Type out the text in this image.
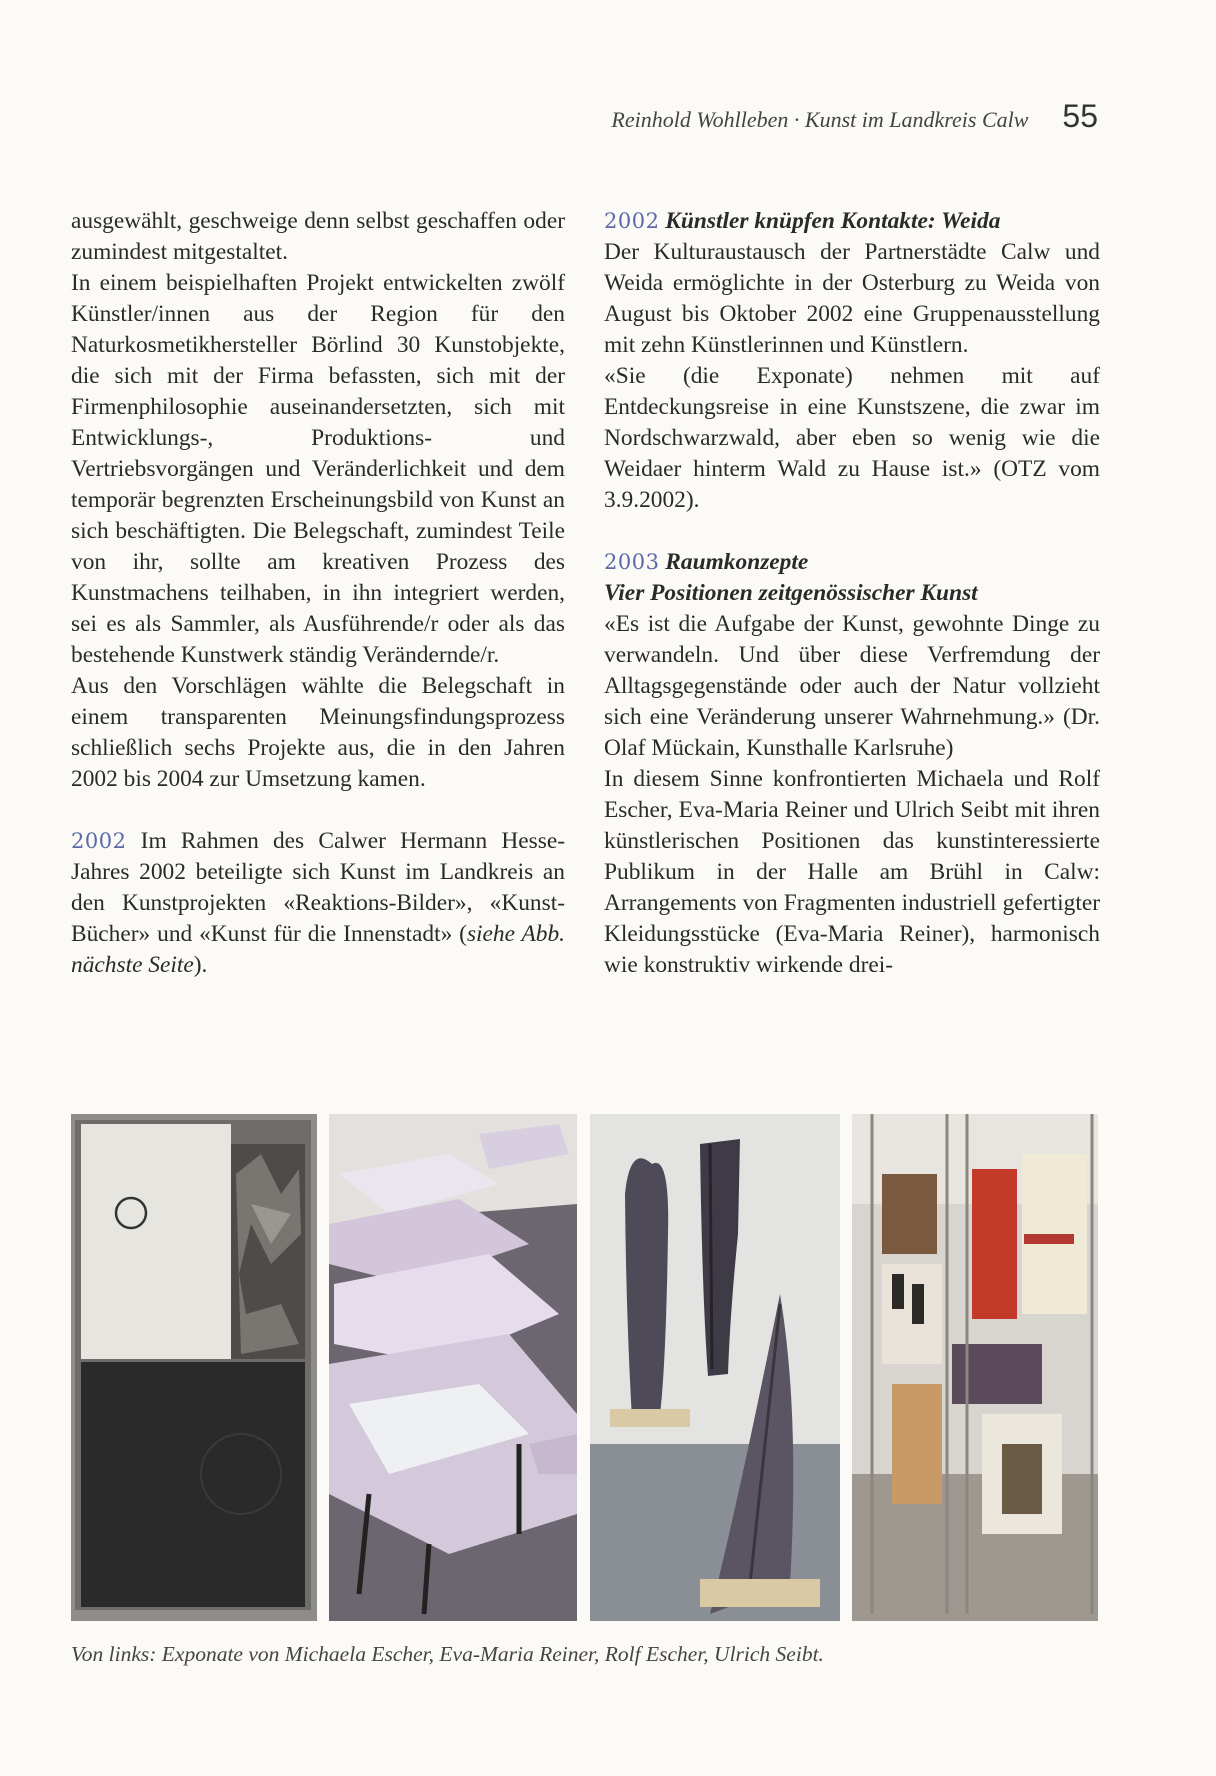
Reinhold Wohlleben · Kunst im Landkreis Calw 55

ausgewählt, geschweige denn selbst geschaffen oder zumindest mitgestaltet.

In einem beispielhaften Projekt entwickelten zwölf Künstler/innen aus der Region für den Naturkosmetikhersteller Börlind 30 Kunstobjekte, die sich mit der Firma befassten, sich mit der Firmenphilosophie auseinandersetzten, sich mit Entwicklungs-, Produktions- und Vertriebsvorgängen und Veränderlichkeit und dem temporär begrenzten Erscheinungsbild von Kunst an sich beschäftigten. Die Belegschaft, zumindest Teile von ihr, sollte am kreativen Prozess des Kunstmachens teilhaben, in ihn integriert werden, sei es als Sammler, als Ausführende/r oder als das bestehende Kunstwerk ständig Verändernde/r.

Aus den Vorschlägen wählte die Belegschaft in einem transparenten Meinungsfindungsprozess schließlich sechs Projekte aus, die in den Jahren 2002 bis 2004 zur Umsetzung kamen.

2002 Im Rahmen des Calwer Hermann Hesse-Jahres 2002 beteiligte sich Kunst im Landkreis an den Kunstprojekten «Reaktions-Bilder», «Kunst-Bücher» und «Kunst für die Innenstadt» (siehe Abb. nächste Seite).

2002 Künstler knüpfen Kontakte: Weida

Der Kulturaustausch der Partnerstädte Calw und Weida ermöglichte in der Osterburg zu Weida von August bis Oktober 2002 eine Gruppenausstellung mit zehn Künstlerinnen und Künstlern.

«Sie (die Exponate) nehmen mit auf Entdeckungsreise in eine Kunstszene, die zwar im Nordschwarzwald, aber eben so wenig wie die Weidaer hinterm Wald zu Hause ist.» (OTZ vom 3.9.2002).

2003 Raumkonzepte

Vier Positionen zeitgenössischer Kunst

«Es ist die Aufgabe der Kunst, gewohnte Dinge zu verwandeln. Und über diese Verfremdung der Alltagsgegenstände oder auch der Natur vollzieht sich eine Veränderung unserer Wahrnehmung.» (Dr. Olaf Mückain, Kunsthalle Karlsruhe)

In diesem Sinne konfrontierten Michaela und Rolf Escher, Eva-Maria Reiner und Ulrich Seibt mit ihren künstlerischen Positionen das kunstinteressierte Publikum in der Halle am Brühl in Calw: Arrangements von Fragmenten industriell gefertigter Kleidungsstücke (Eva-Maria Reiner), harmonisch wie konstruktiv wirkende drei-

Von links: Exponate von Michaela Escher, Eva-Maria Reiner, Rolf Escher, Ulrich Seibt.
